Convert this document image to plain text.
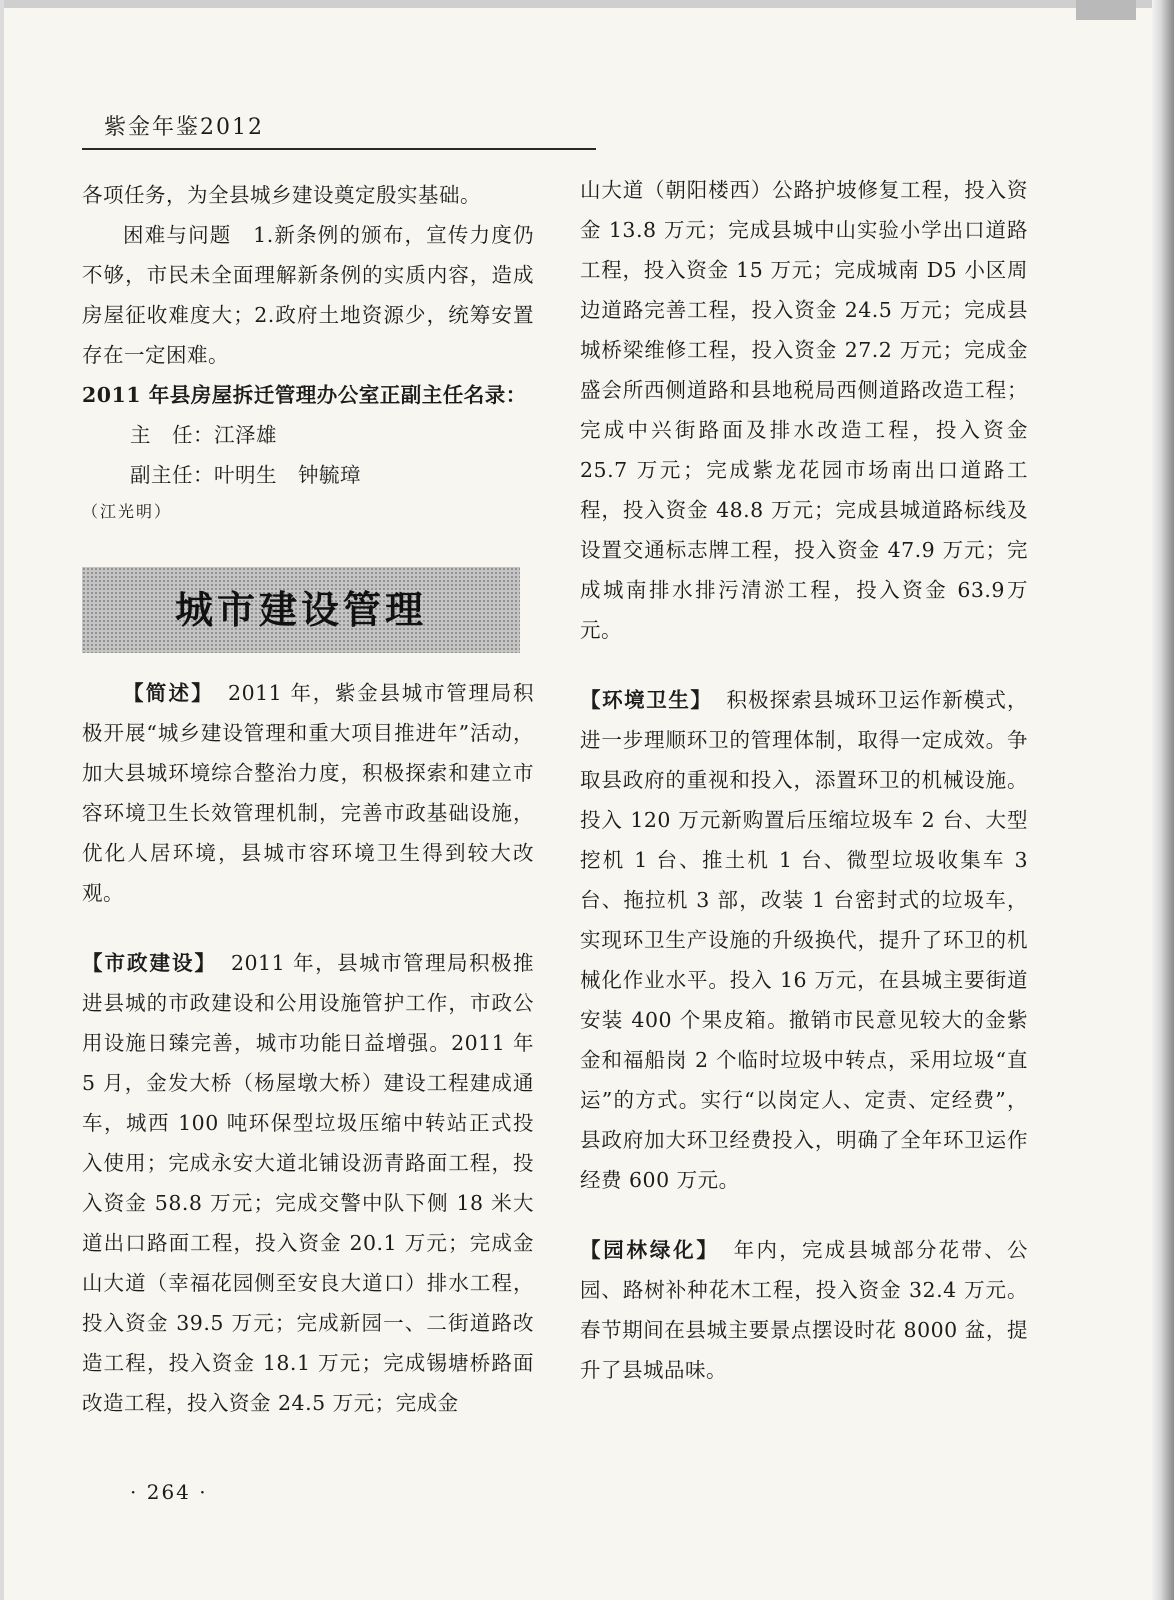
紫金年鉴2012

各项任务，为全县城乡建设奠定殷实基础。

困难与问题　1.新条例的颁布，宣传力度仍不够，市民未全面理解新条例的实质内容，造成房屋征收难度大；2.政府土地资源少，统筹安置存在一定困难。

2011 年县房屋拆迁管理办公室正副主任名录：

主　任：江泽雄

副主任：叶明生　钟毓璋

（江光明）

城市建设管理

【简述】 2011 年，紫金县城市管理局积极开展“城乡建设管理和重大项目推进年”活动，加大县城环境综合整治力度，积极探索和建立市容环境卫生长效管理机制，完善市政基础设施，优化人居环境，县城市容环境卫生得到较大改观。

【市政建设】 2011 年，县城市管理局积极推进县城的市政建设和公用设施管护工作，市政公用设施日臻完善，城市功能日益增强。2011 年 5 月，金发大桥（杨屋墩大桥）建设工程建成通车，城西 100 吨环保型垃圾压缩中转站正式投入使用；完成永安大道北铺设沥青路面工程，投入资金 58.8 万元；完成交警中队下侧 18 米大道出口路面工程，投入资金 20.1 万元；完成金山大道（幸福花园侧至安良大道口）排水工程，投入资金 39.5 万元；完成新园一、二街道路改造工程，投入资金 18.1 万元；完成锡塘桥路面改造工程，投入资金 24.5 万元；完成金

山大道（朝阳楼西）公路护坡修复工程，投入资金 13.8 万元；完成县城中山实验小学出口道路工程，投入资金 15 万元；完成城南 D5 小区周边道路完善工程，投入资金 24.5 万元；完成县城桥梁维修工程，投入资金 27.2 万元；完成金盛会所西侧道路和县地税局西侧道路改造工程；完成中兴街路面及排水改造工程，投入资金 25.7 万元；完成紫龙花园市场南出口道路工程，投入资金 48.8 万元；完成县城道路标线及设置交通标志牌工程，投入资金 47.9 万元；完成城南排水排污清淤工程，投入资金 63.9万元。

【环境卫生】 积极探索县城环卫运作新模式，进一步理顺环卫的管理体制，取得一定成效。争取县政府的重视和投入，添置环卫的机械设施。投入 120 万元新购置后压缩垃圾车 2 台、大型挖机 1 台、推土机 1 台、微型垃圾收集车 3 台、拖拉机 3 部，改装 1 台密封式的垃圾车，实现环卫生产设施的升级换代，提升了环卫的机械化作业水平。投入 16 万元，在县城主要街道安装 400 个果皮箱。撤销市民意见较大的金紫金和福船岗 2 个临时垃圾中转点，采用垃圾“直运”的方式。实行“以岗定人、定责、定经费”，县政府加大环卫经费投入，明确了全年环卫运作经费 600 万元。

【园林绿化】 年内，完成县城部分花带、公园、路树补种花木工程，投入资金 32.4 万元。春节期间在县城主要景点摆设时花 8000 盆，提升了县城品味。

· 264 ·
